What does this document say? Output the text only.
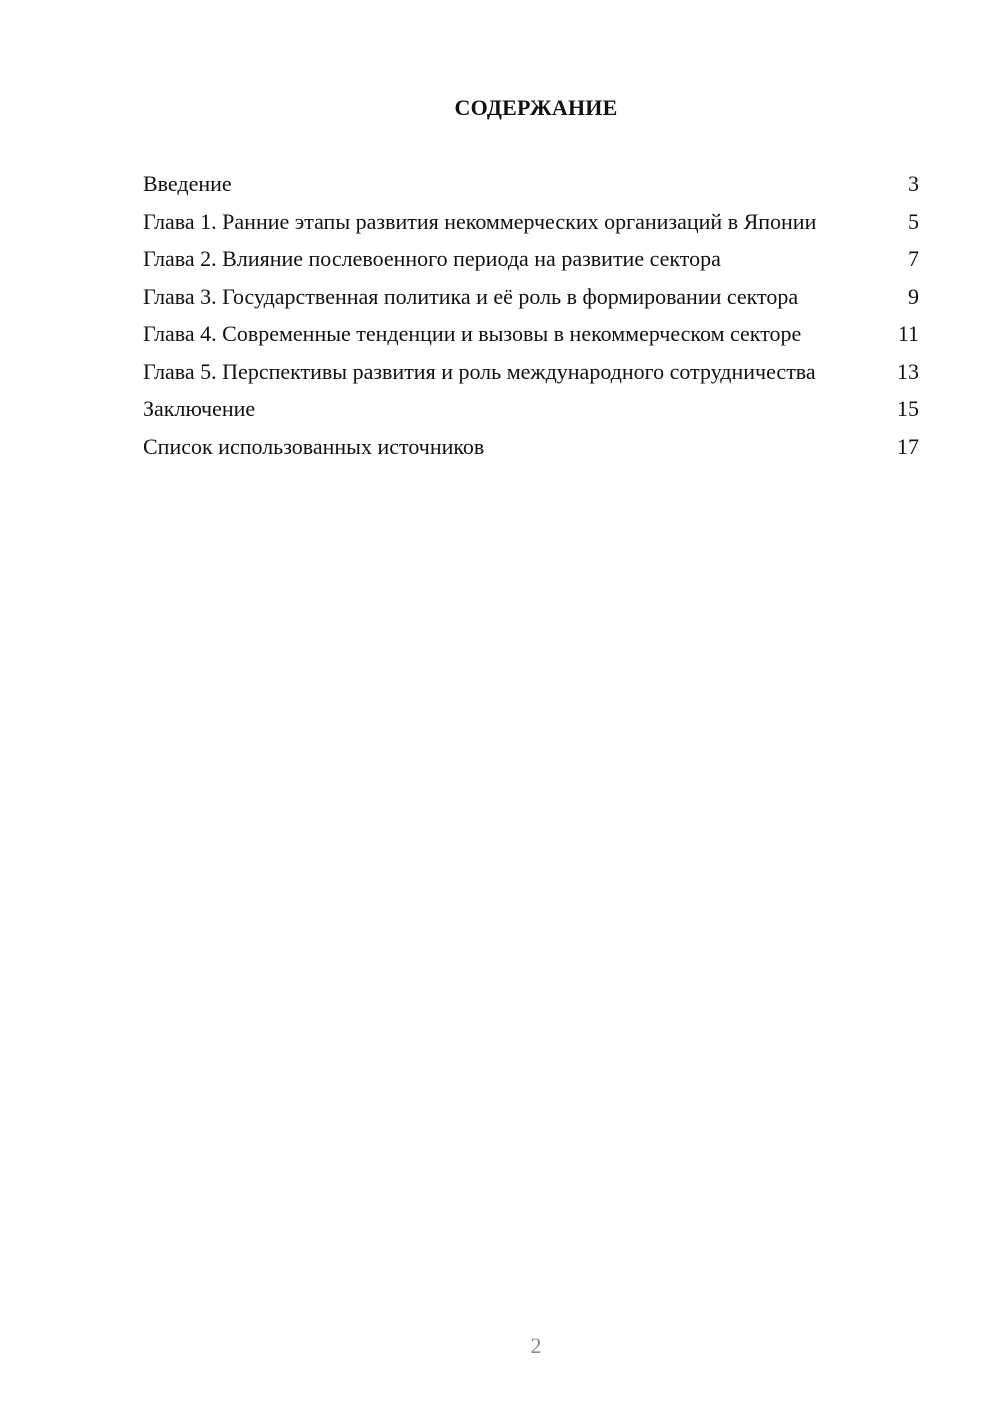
СОДЕРЖАНИЕ
Введение	3
Глава 1. Ранние этапы развития некоммерческих организаций в Японии	5
Глава 2. Влияние послевоенного периода на развитие сектора	7
Глава 3. Государственная политика и её роль в формировании сектора	9
Глава 4. Современные тенденции и вызовы в некоммерческом секторе	11
Глава 5. Перспективы развития и роль международного сотрудничества	13
Заключение	15
Список использованных источников	17
2
